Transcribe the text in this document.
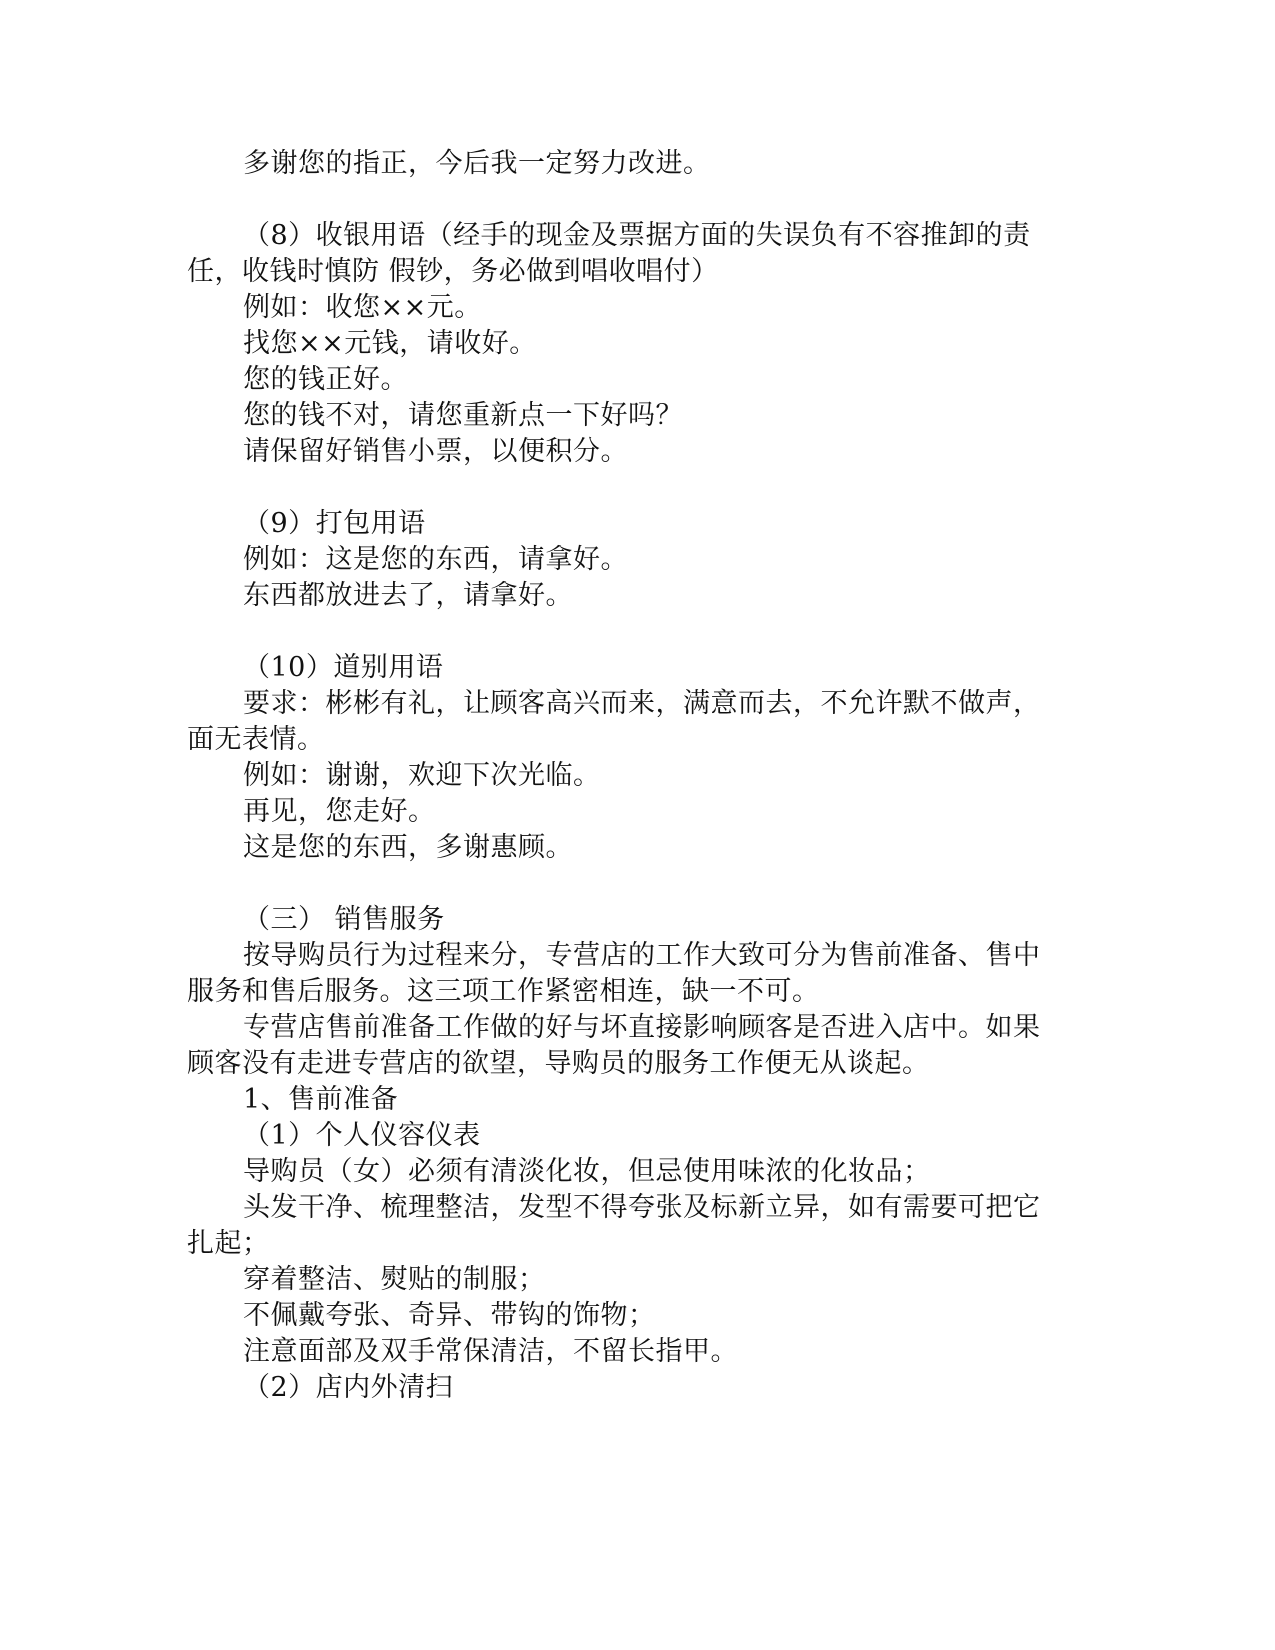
多谢您的指正，今后我一定努力改进。
（8）收银用语（经手的现金及票据方面的失误负有不容推卸的责
任，收钱时慎防 假钞，务必做到唱收唱付）
例如：收您××元。
找您××元钱，请收好。
您的钱正好。
您的钱不对，请您重新点一下好吗？
请保留好销售小票，以便积分。
（9）打包用语
例如：这是您的东西，请拿好。
东西都放进去了，请拿好。
（10）道别用语
要求：彬彬有礼，让顾客高兴而来，满意而去，不允许默不做声，
面无表情。
例如：谢谢，欢迎下次光临。
再见，您走好。
这是您的东西，多谢惠顾。
（三） 销售服务
按导购员行为过程来分，专营店的工作大致可分为售前准备、售中
服务和售后服务。这三项工作紧密相连，缺一不可。
专营店售前准备工作做的好与坏直接影响顾客是否进入店中。如果
顾客没有走进专营店的欲望，导购员的服务工作便无从谈起。
1、售前准备
（1）个人仪容仪表
导购员（女）必须有清淡化妆，但忌使用味浓的化妆品；
头发干净、梳理整洁，发型不得夸张及标新立异，如有需要可把它
扎起；
穿着整洁、熨贴的制服；
不佩戴夸张、奇异、带钩的饰物；
注意面部及双手常保清洁，不留长指甲。
（2）店内外清扫
